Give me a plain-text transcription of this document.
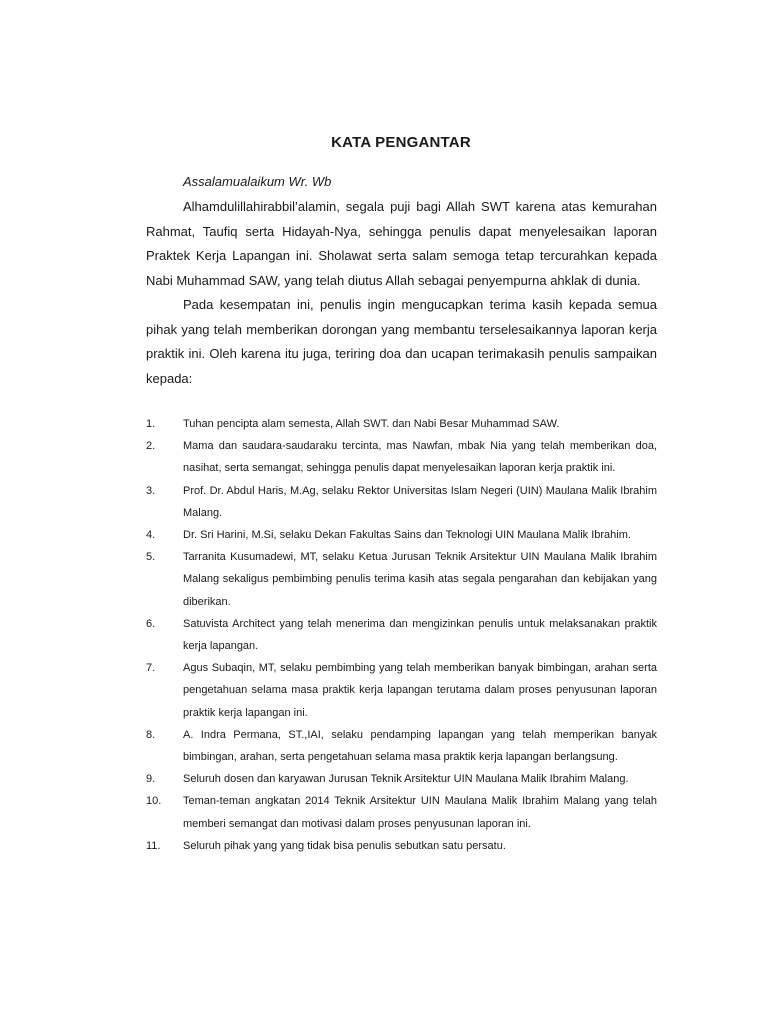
KATA PENGANTAR
Assalamualaikum Wr. Wb
Alhamdulillahirabbil’alamin, segala puji bagi Allah SWT karena atas kemurahan Rahmat, Taufiq serta Hidayah-Nya, sehingga penulis dapat menyelesaikan laporan Praktek Kerja Lapangan ini. Sholawat serta salam semoga tetap tercurahkan kepada Nabi Muhammad SAW, yang telah diutus Allah sebagai penyempurna ahklak di dunia.
Pada kesempatan ini, penulis ingin mengucapkan terima kasih kepada semua pihak yang telah memberikan dorongan yang membantu terselesaikannya laporan kerja praktik ini. Oleh karena itu juga, teriring doa dan ucapan terimakasih penulis sampaikan kepada:
1.	Tuhan pencipta alam semesta, Allah SWT. dan Nabi Besar Muhammad SAW.
2.	Mama dan saudara-saudaraku tercinta, mas Nawfan, mbak Nia yang telah memberikan doa, nasihat, serta semangat, sehingga penulis dapat menyelesaikan laporan kerja praktik ini.
3.	Prof. Dr. Abdul Haris, M.Ag, selaku Rektor Universitas Islam Negeri (UIN) Maulana Malik Ibrahim Malang.
4.	Dr. Sri Harini, M.Si, selaku Dekan Fakultas Sains dan Teknologi UIN Maulana Malik Ibrahim.
5.	Tarranita Kusumadewi, MT, selaku Ketua Jurusan Teknik Arsitektur UIN Maulana Malik Ibrahim Malang sekaligus pembimbing penulis terima kasih atas segala pengarahan dan kebijakan yang diberikan.
6.	Satuvista Architect yang telah menerima dan mengizinkan penulis untuk melaksanakan praktik kerja lapangan.
7.	Agus Subaqin, MT, selaku pembimbing yang telah memberikan banyak bimbingan, arahan serta pengetahuan selama masa praktik kerja lapangan terutama dalam proses penyusunan laporan praktik kerja lapangan ini.
8.	A. Indra Permana, ST.,IAI, selaku pendamping lapangan yang telah memperikan banyak bimbingan, arahan, serta pengetahuan selama masa praktik kerja lapangan berlangsung.
9.	Seluruh dosen dan karyawan Jurusan Teknik Arsitektur UIN Maulana Malik Ibrahim Malang.
10.	Teman-teman angkatan 2014 Teknik Arsitektur UIN Maulana Malik Ibrahim Malang yang telah memberi semangat dan motivasi dalam proses penyusunan laporan ini.
11.	Seluruh pihak yang yang tidak bisa penulis sebutkan satu persatu.
